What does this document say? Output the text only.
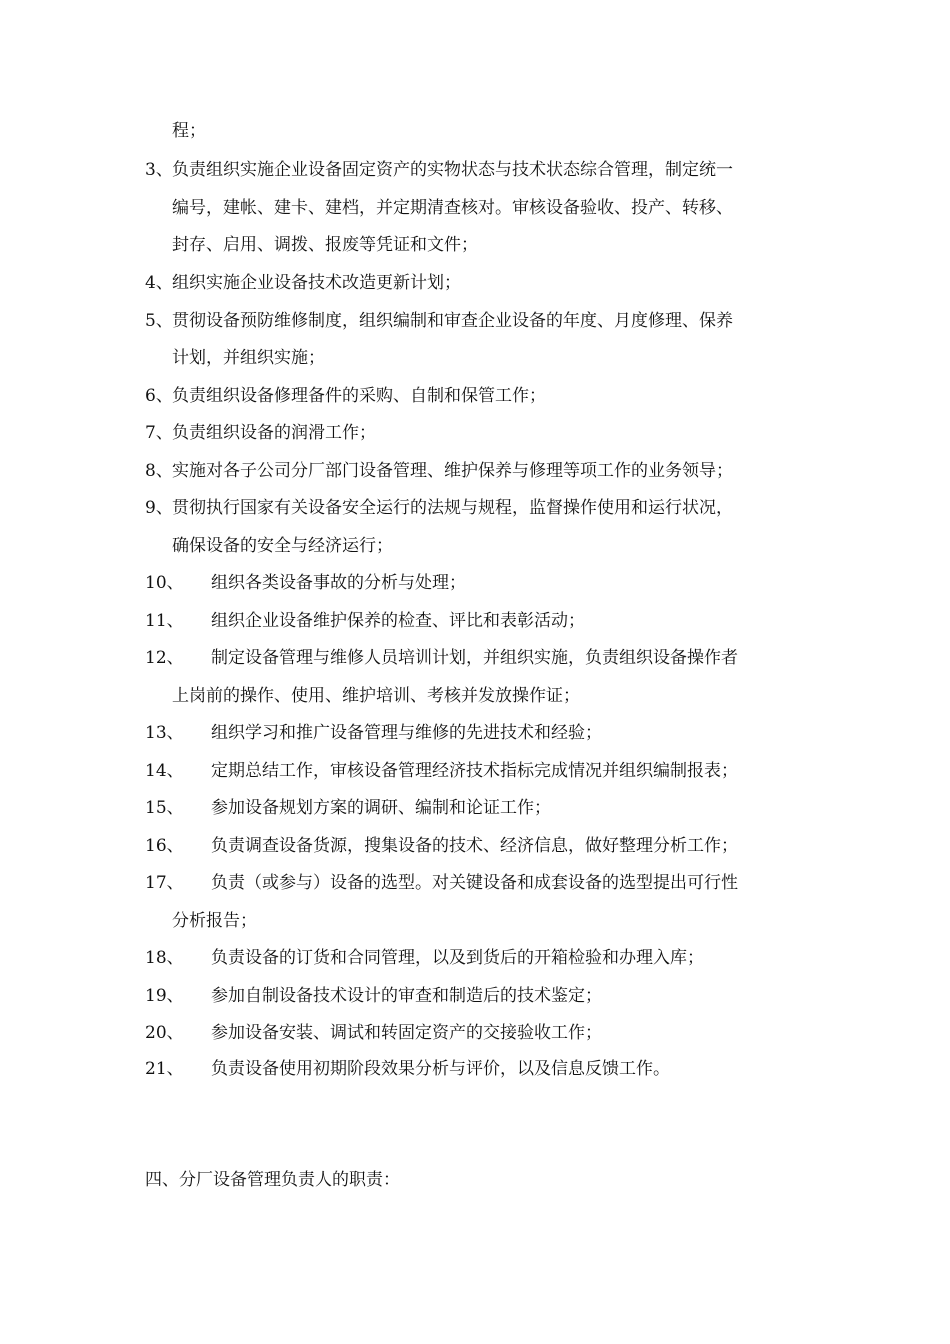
程；
3、 负责组织实施企业设备固定资产的实物状态与技术状态综合管理，制定统一
编号，建帐、建卡、建档，并定期清查核对。审核设备验收、投产、转移、
封存、启用、调拨、报废等凭证和文件；
4、 组织实施企业设备技术改造更新计划；
5、 贯彻设备预防维修制度，组织编制和审查企业设备的年度、月度修理、保养
计划，并组织实施；
6、 负责组织设备修理备件的采购、自制和保管工作；
7、 负责组织设备的润滑工作；
8、 实施对各子公司分厂部门设备管理、维护保养与修理等项工作的业务领导；
9、 贯彻执行国家有关设备安全运行的法规与规程，监督操作使用和运行状况，
确保设备的安全与经济运行；
10、 组织各类设备事故的分析与处理；
11、 组织企业设备维护保养的检查、评比和表彰活动；
12、 制定设备管理与维修人员培训计划，并组织实施，负责组织设备操作者
上岗前的操作、使用、维护培训、考核并发放操作证；
13、 组织学习和推广设备管理与维修的先进技术和经验；
14、 定期总结工作，审核设备管理经济技术指标完成情况并组织编制报表；
15、 参加设备规划方案的调研、编制和论证工作；
16、 负责调查设备货源，搜集设备的技术、经济信息，做好整理分析工作；
17、 负责（或参与）设备的选型。对关键设备和成套设备的选型提出可行性
分析报告；
18、 负责设备的订货和合同管理，以及到货后的开箱检验和办理入库；
19、 参加自制设备技术设计的审查和制造后的技术鉴定；
20、 参加设备安装、调试和转固定资产的交接验收工作；
21、 负责设备使用初期阶段效果分析与评价，以及信息反馈工作。
四、分厂设备管理负责人的职责：
